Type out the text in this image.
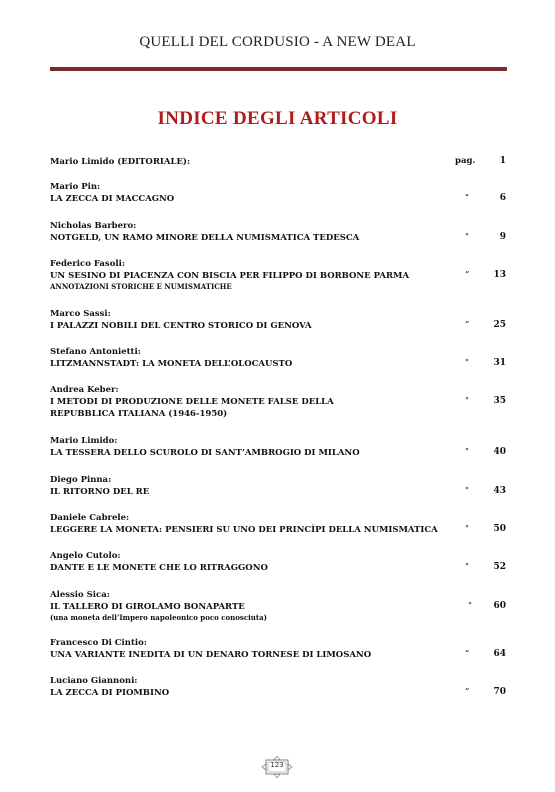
QUELLI DEL CORDUSIO - A NEW DEAL
INDICE DEGLI ARTICOLI
Mario Limido (EDITORIALE):	pag.	1
Mario Pin:
LA ZECCA DI MACCAGNO	"	6
Nicholas Barbero:
NOTGELD, UN RAMO MINORE DELLA NUMISMATICA TEDESCA	"	9
Federico Fasoli:
UN SESINO DI PIACENZA CON BISCIA PER FILIPPO DI BORBONE PARMA
ANNOTAZIONI STORICHE E NUMISMATICHE
“	13
Marco Sassi:
I PALAZZI NOBILI DEL CENTRO STORICO DI GENOVA	“	25
Stefano Antonietti:
LITZMANNSTADT: LA MONETA DELL’OLOCAUSTO	"	31
Andrea Keber:
I METODI DI PRODUZIONE DELLE MONETE FALSE DELLA
REPUBBLICA ITALIANA (1946-1950)
"	35
Mario Limido:
LA TESSERA DELLO SCUROLO DI SANT’AMBROGIO DI MILANO	"	40
Diego Pinna:
IL RITORNO DEL RE	"	43
Daniele Cabrele:
LEGGERE LA MONETA: PENSIERI SU UNO DEI PRINCÌPI DELLA NUMISMATICA	"	50
Angelo Cutolo:
DANTE E LE MONETE CHE LO RITRAGGONO	"	52
Alessio Sica:
IL TALLERO DI GIROLAMO BONAPARTE
(una moneta dell’Impero napoleonico poco conosciuta)
"	60
Francesco Di Cintio:
UNA VARIANTE INEDITA DI UN DENARO TORNESE DI LIMOSANO	“	64
Luciano Giannoni:
LA ZECCA DI PIOMBINO	“	70
123
